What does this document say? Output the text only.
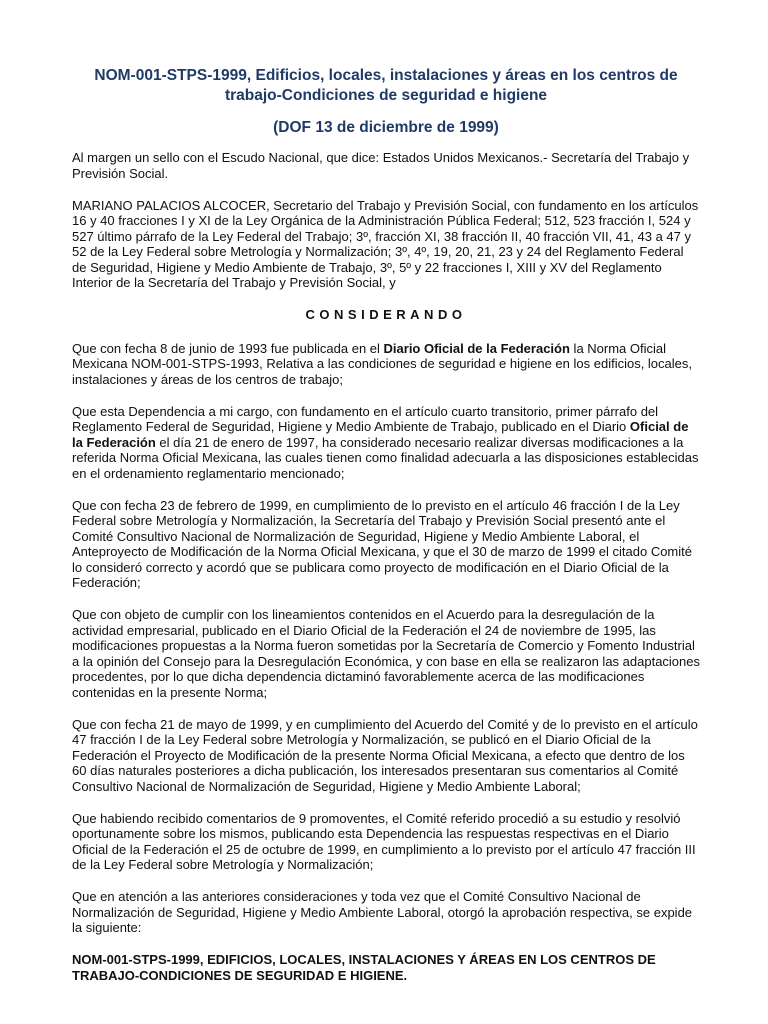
NOM-001-STPS-1999, Edificios, locales, instalaciones y áreas en los centros de trabajo-Condiciones de seguridad e higiene
(DOF 13 de diciembre de 1999)

Al margen un sello con el Escudo Nacional, que dice: Estados Unidos Mexicanos.- Secretaría del Trabajo y Previsión Social.

MARIANO PALACIOS ALCOCER, Secretario del Trabajo y Previsión Social, con fundamento en los artículos 16 y 40 fracciones I y XI de la Ley Orgánica de la Administración Pública Federal; 512, 523 fracción I, 524 y 527 último párrafo de la Ley Federal del Trabajo; 3º, fracción XI, 38 fracción II, 40 fracción VII, 41, 43 a 47 y 52 de la Ley Federal sobre Metrología y Normalización; 3º, 4º, 19, 20, 21, 23 y 24 del Reglamento Federal de Seguridad, Higiene y Medio Ambiente de Trabajo, 3º, 5º y 22 fracciones I, XIII y XV del Reglamento Interior de la Secretaría del Trabajo y Previsión Social, y

CONSIDERANDO

Que con fecha 8 de junio de 1993 fue publicada en el Diario Oficial de la Federación la Norma Oficial Mexicana NOM-001-STPS-1993, Relativa a las condiciones de seguridad e higiene en los edificios, locales, instalaciones y áreas de los centros de trabajo;

Que esta Dependencia a mi cargo, con fundamento en el artículo cuarto transitorio, primer párrafo del Reglamento Federal de Seguridad, Higiene y Medio Ambiente de Trabajo, publicado en el Diario Oficial de la Federación el día 21 de enero de 1997, ha considerado necesario realizar diversas modificaciones a la referida Norma Oficial Mexicana, las cuales tienen como finalidad adecuarla a las disposiciones establecidas en el ordenamiento reglamentario mencionado;

Que con fecha 23 de febrero de 1999, en cumplimiento de lo previsto en el artículo 46 fracción I de la Ley Federal sobre Metrología y Normalización, la Secretaría del Trabajo y Previsión Social presentó ante el Comité Consultivo Nacional de Normalización de Seguridad, Higiene y Medio Ambiente Laboral, el Anteproyecto de Modificación de la Norma Oficial Mexicana, y que el 30 de marzo de 1999 el citado Comité lo consideró correcto y acordó que se publicara como proyecto de modificación en el Diario Oficial de la Federación;

Que con objeto de cumplir con los lineamientos contenidos en el Acuerdo para la desregulación de la actividad empresarial, publicado en el Diario Oficial de la Federación el 24 de noviembre de 1995, las modificaciones propuestas a la Norma fueron sometidas por la Secretaría de Comercio y Fomento Industrial a la opinión del Consejo para la Desregulación Económica, y con base en ella se realizaron las adaptaciones procedentes, por lo que dicha dependencia dictaminó favorablemente acerca de las modificaciones contenidas en la presente Norma;

Que con fecha 21 de mayo de 1999, y en cumplimiento del Acuerdo del Comité y de lo previsto en el artículo 47 fracción I de la Ley Federal sobre Metrología y Normalización, se publicó en el Diario Oficial de la Federación el Proyecto de Modificación de la presente Norma Oficial Mexicana, a efecto que dentro de los 60 días naturales posteriores a dicha publicación, los interesados presentaran sus comentarios al Comité Consultivo Nacional de Normalización de Seguridad, Higiene y Medio Ambiente Laboral;

Que habiendo recibido comentarios de 9 promoventes, el Comité referido procedió a su estudio y resolvió oportunamente sobre los mismos, publicando esta Dependencia las respuestas respectivas en el Diario Oficial de la Federación el 25 de octubre de 1999, en cumplimiento a lo previsto por el artículo 47 fracción III de la Ley Federal sobre Metrología y Normalización;

Que en atención a las anteriores consideraciones y toda vez que el Comité Consultivo Nacional de Normalización de Seguridad, Higiene y Medio Ambiente Laboral, otorgó la aprobación respectiva, se expide la siguiente:

NOM-001-STPS-1999, EDIFICIOS, LOCALES, INSTALACIONES Y ÁREAS EN LOS CENTROS DE TRABAJO-CONDICIONES DE SEGURIDAD E HIGIENE.
